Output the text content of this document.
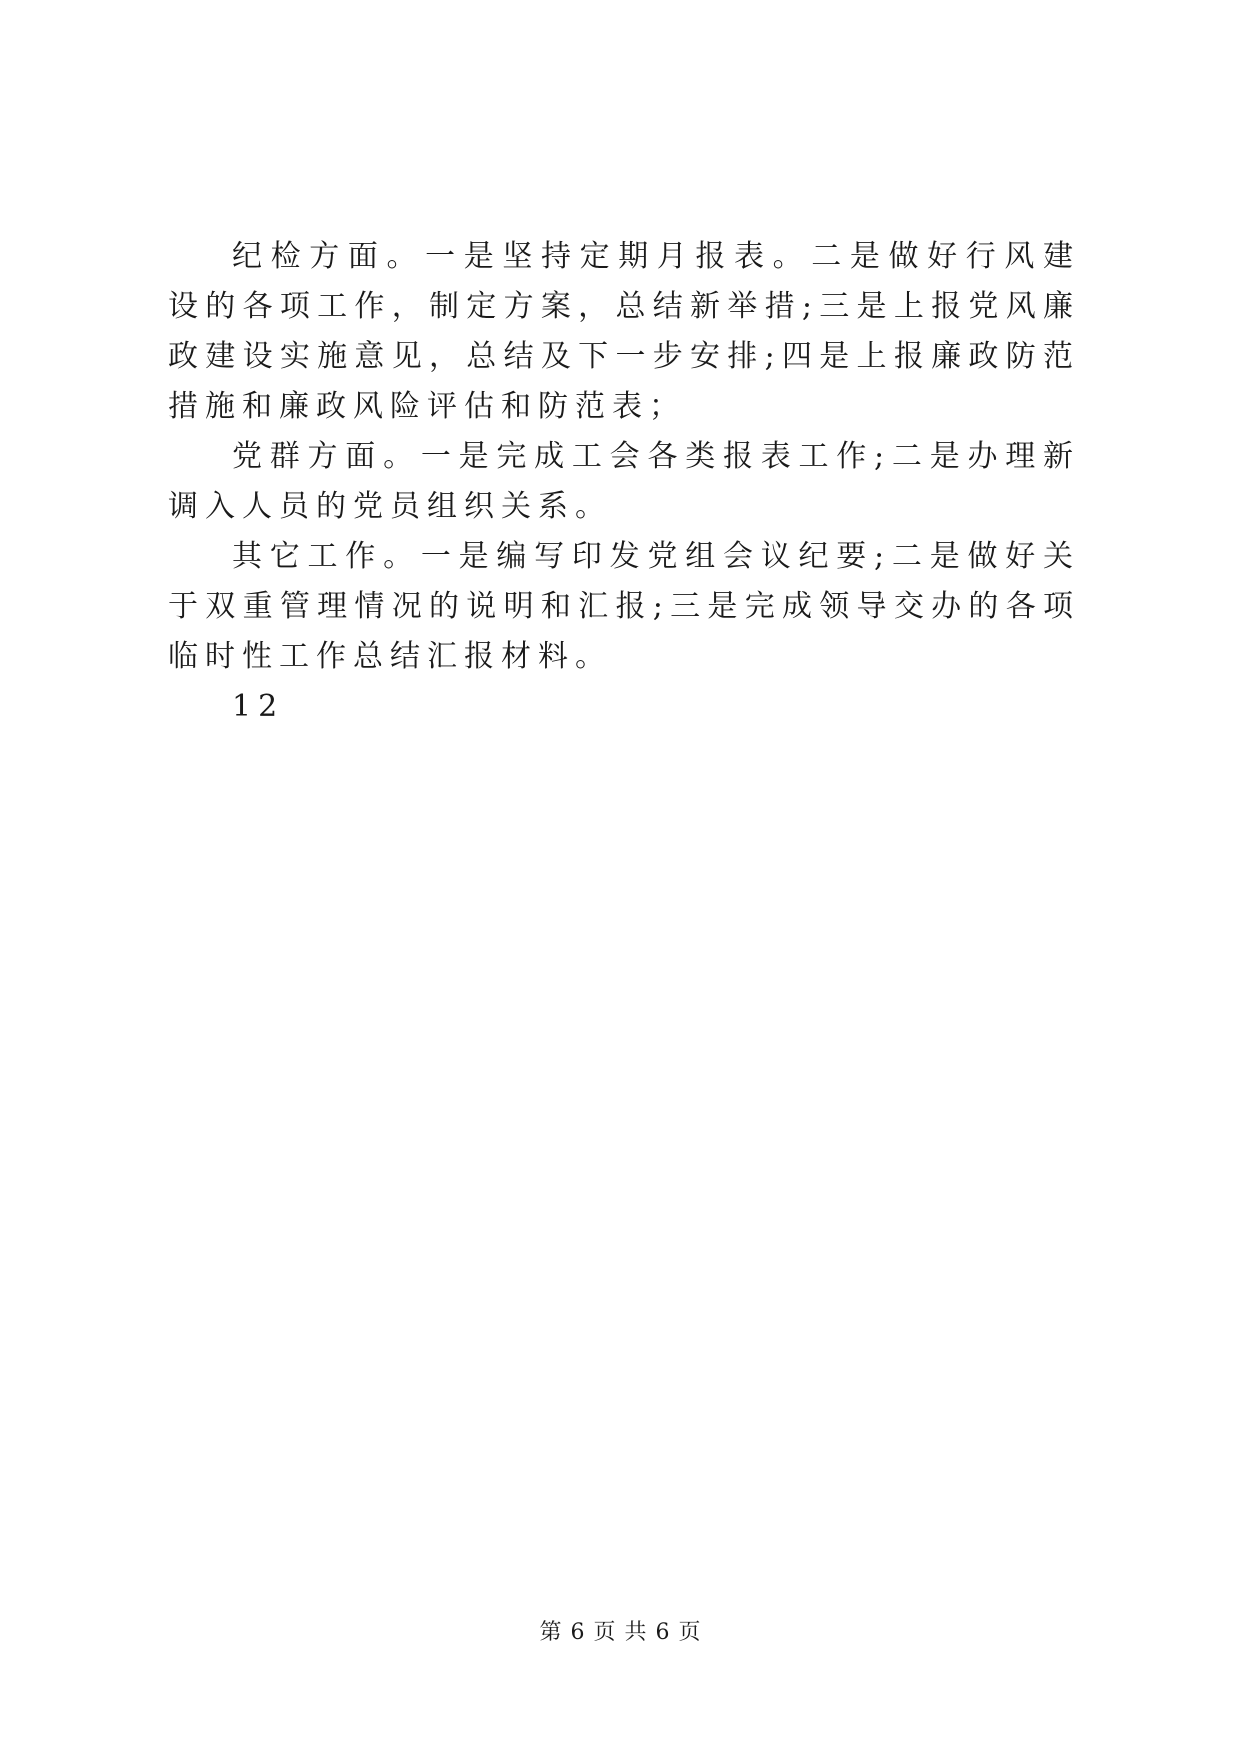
纪检方面。一是坚持定期月报表。二是做好行风建设的各项工作，制定方案，总结新举措;三是上报党风廉政建设实施意见，总结及下一步安排;四是上报廉政防范措施和廉政风险评估和防范表；

党群方面。一是完成工会各类报表工作;二是办理新调入人员的党员组织关系。

其它工作。一是编写印发党组会议纪要;二是做好关于双重管理情况的说明和汇报;三是完成领导交办的各项临时性工作总结汇报材料。

12

第 6 页 共 6 页
